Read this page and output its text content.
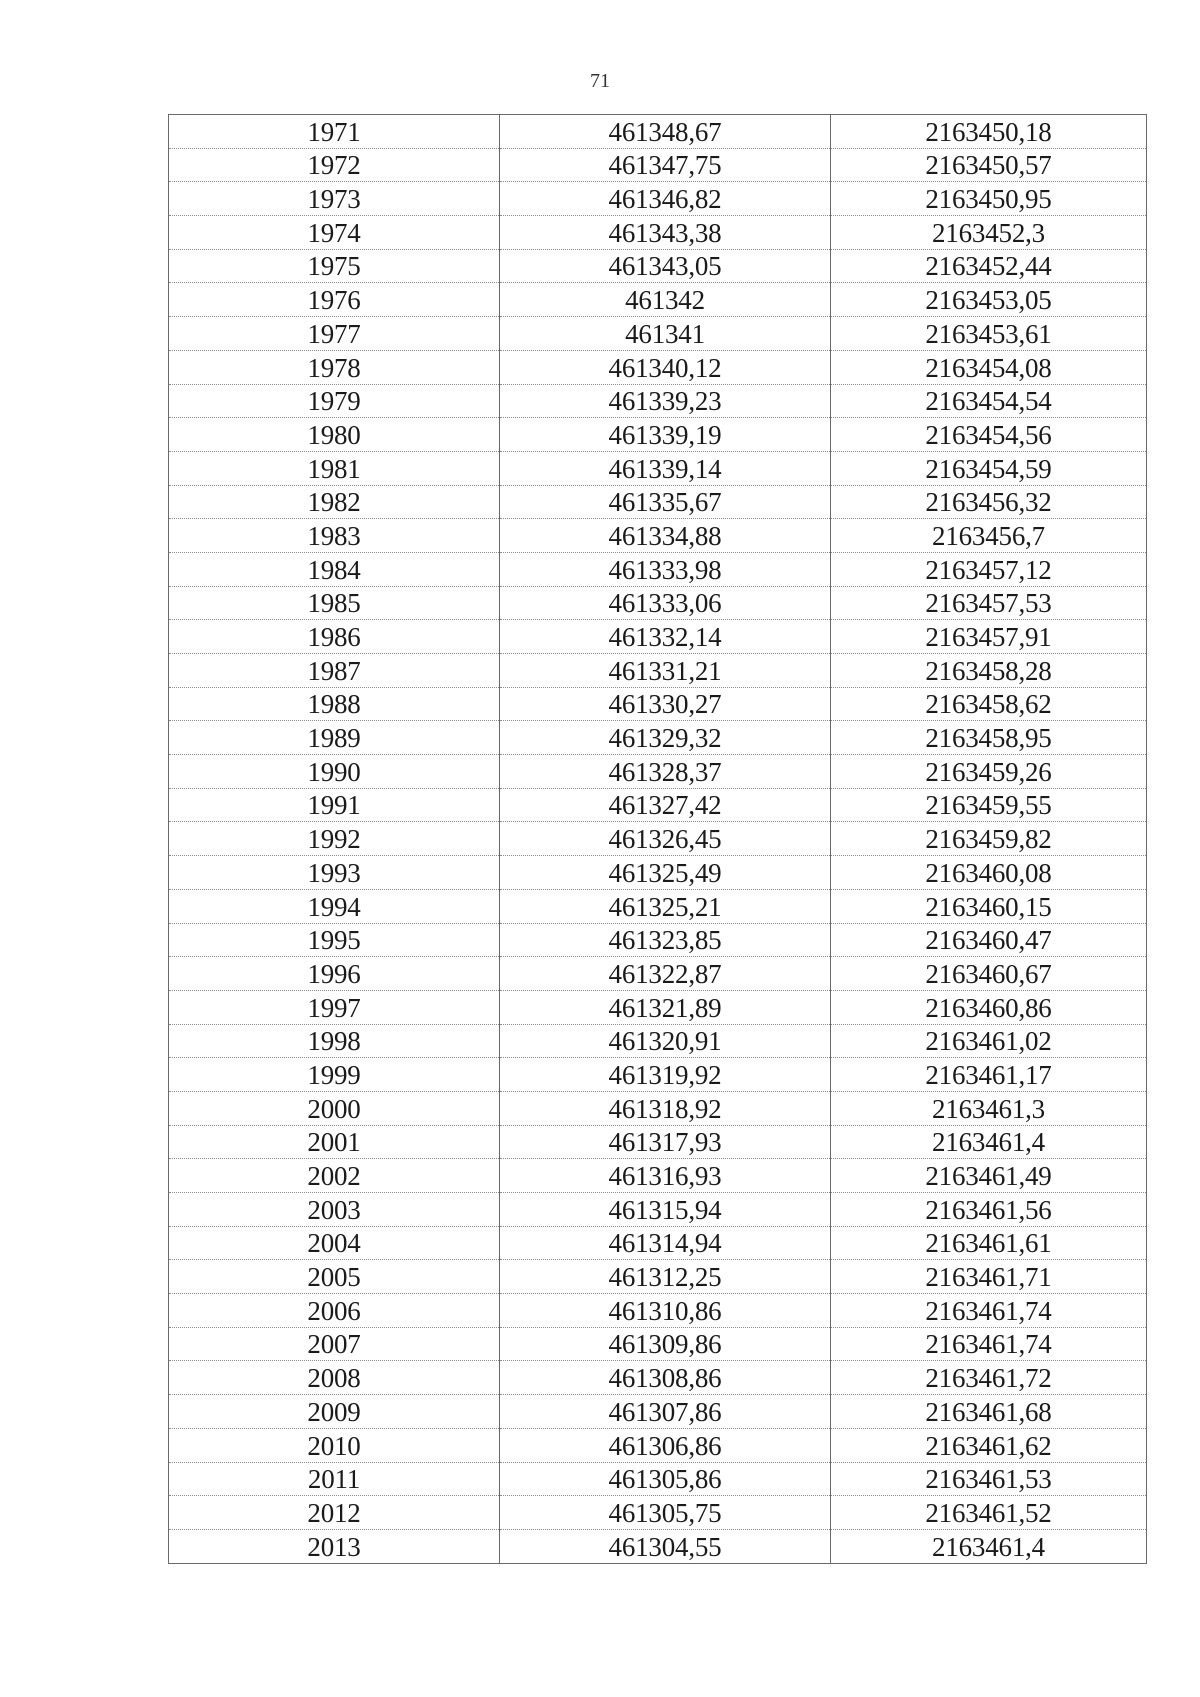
71
1971	461348,67	2163450,18
1972	461347,75	2163450,57
1973	461346,82	2163450,95
1974	461343,38	2163452,3
1975	461343,05	2163452,44
1976	461342	2163453,05
1977	461341	2163453,61
1978	461340,12	2163454,08
1979	461339,23	2163454,54
1980	461339,19	2163454,56
1981	461339,14	2163454,59
1982	461335,67	2163456,32
1983	461334,88	2163456,7
1984	461333,98	2163457,12
1985	461333,06	2163457,53
1986	461332,14	2163457,91
1987	461331,21	2163458,28
1988	461330,27	2163458,62
1989	461329,32	2163458,95
1990	461328,37	2163459,26
1991	461327,42	2163459,55
1992	461326,45	2163459,82
1993	461325,49	2163460,08
1994	461325,21	2163460,15
1995	461323,85	2163460,47
1996	461322,87	2163460,67
1997	461321,89	2163460,86
1998	461320,91	2163461,02
1999	461319,92	2163461,17
2000	461318,92	2163461,3
2001	461317,93	2163461,4
2002	461316,93	2163461,49
2003	461315,94	2163461,56
2004	461314,94	2163461,61
2005	461312,25	2163461,71
2006	461310,86	2163461,74
2007	461309,86	2163461,74
2008	461308,86	2163461,72
2009	461307,86	2163461,68
2010	461306,86	2163461,62
2011	461305,86	2163461,53
2012	461305,75	2163461,52
2013	461304,55	2163461,4
